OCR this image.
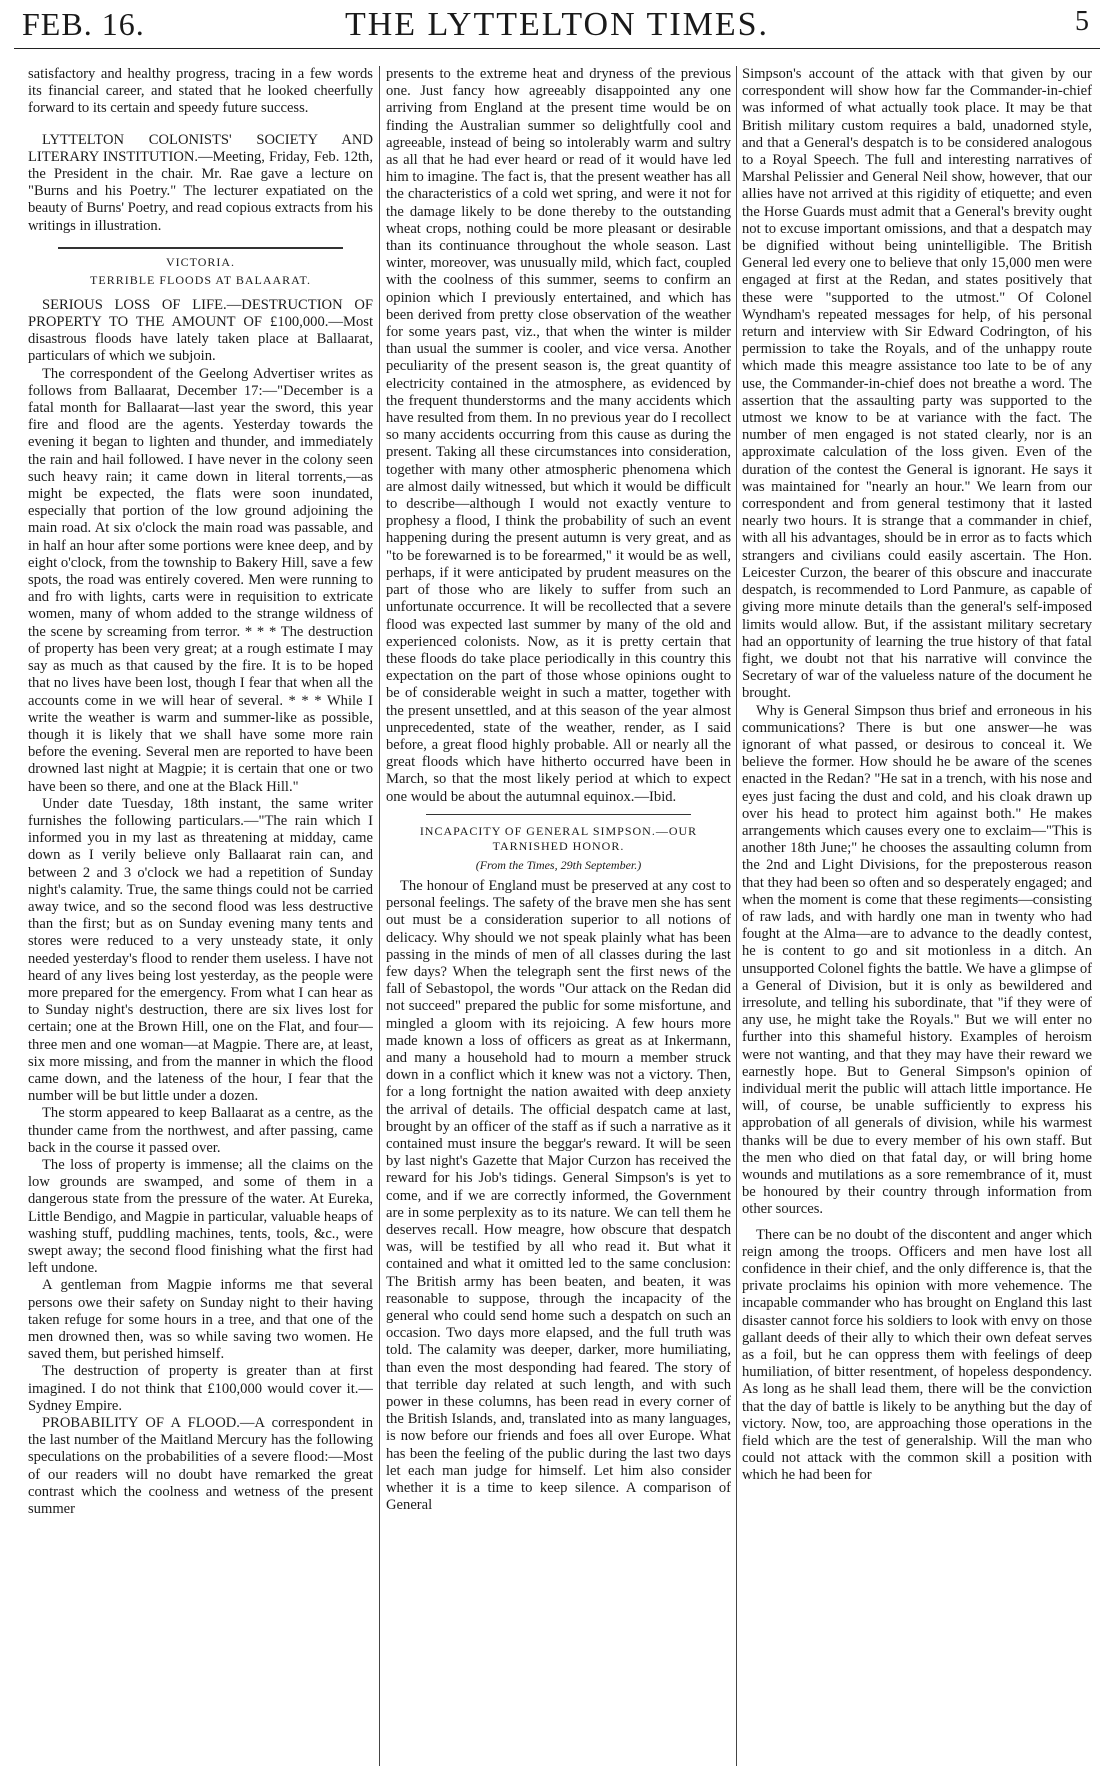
FEB. 16.	THE LYTTELTON TIMES.	5

satisfactory and healthy progress, tracing in a few words its financial career, and stated that he looked cheerfully forward to its certain and speedy future success.

LYTTELTON COLONISTS' SOCIETY AND LITERARY INSTITUTION.—Meeting, Friday, Feb. 12th, the President in the chair. Mr. Rae gave a lecture on "Burns and his Poetry." The lecturer expatiated on the beauty of Burns' Poetry, and read copious extracts from his writings in illustration.

VICTORIA.

TERRIBLE FLOODS AT BALAARAT.

SERIOUS LOSS OF LIFE.—DESTRUCTION OF PROPERTY TO THE AMOUNT OF £100,000.—Most disastrous floods have lately taken place at Ballaarat, particulars of which we subjoin.

The correspondent of the Geelong Advertiser writes as follows from Ballaarat, December 17:—"December is a fatal month for Ballaarat—last year the sword, this year fire and flood are the agents. Yesterday towards the evening it began to lighten and thunder, and immediately the rain and hail followed. I have never in the colony seen such heavy rain; it came down in literal torrents,—as might be expected, the flats were soon inundated, especially that portion of the low ground adjoining the main road. At six o'clock the main road was passable, and in half an hour after some portions were knee deep, and by eight o'clock, from the township to Bakery Hill, save a few spots, the road was entirely covered. Men were running to and fro with lights, carts were in requisition to extricate women, many of whom added to the strange wildness of the scene by screaming from terror. * * * The destruction of property has been very great; at a rough estimate I may say as much as that caused by the fire. It is to be hoped that no lives have been lost, though I fear that when all the accounts come in we will hear of several. * * * While I write the weather is warm and summer-like as possible, though it is likely that we shall have some more rain before the evening. Several men are reported to have been drowned last night at Magpie; it is certain that one or two have been so there, and one at the Black Hill."

Under date Tuesday, 18th instant, the same writer furnishes the following particulars.—"The rain which I informed you in my last as threatening at midday, came down as I verily believe only Ballaarat rain can, and between 2 and 3 o'clock we had a repetition of Sunday night's calamity. True, the same things could not be carried away twice, and so the second flood was less destructive than the first; but as on Sunday evening many tents and stores were reduced to a very unsteady state, it only needed yesterday's flood to render them useless. I have not heard of any lives being lost yesterday, as the people were more prepared for the emergency. From what I can hear as to Sunday night's destruction, there are six lives lost for certain; one at the Brown Hill, one on the Flat, and four—three men and one woman—at Magpie. There are, at least, six more missing, and from the manner in which the flood came down, and the lateness of the hour, I fear that the number will be but little under a dozen.

The storm appeared to keep Ballaarat as a centre, as the thunder came from the northwest, and after passing, came back in the course it passed over.

The loss of property is immense; all the claims on the low grounds are swamped, and some of them in a dangerous state from the pressure of the water. At Eureka, Little Bendigo, and Magpie in particular, valuable heaps of washing stuff, puddling machines, tents, tools, &c., were swept away; the second flood finishing what the first had left undone.

A gentleman from Magpie informs me that several persons owe their safety on Sunday night to their having taken refuge for some hours in a tree, and that one of the men drowned then, was so while saving two women. He saved them, but perished himself.

The destruction of property is greater than at first imagined. I do not think that £100,000 would cover it.—Sydney Empire.

PROBABILITY OF A FLOOD.—A correspondent in the last number of the Maitland Mercury has the following speculations on the probabilities of a severe flood:—Most of our readers will no doubt have remarked the great contrast which the coolness and wetness of the present summer

presents to the extreme heat and dryness of the previous one. Just fancy how agreeably disappointed any one arriving from England at the present time would be on finding the Australian summer so delightfully cool and agreeable, instead of being so intolerably warm and sultry as all that he had ever heard or read of it would have led him to imagine. The fact is, that the present weather has all the characteristics of a cold wet spring, and were it not for the damage likely to be done thereby to the outstanding wheat crops, nothing could be more pleasant or desirable than its continuance throughout the whole season. Last winter, moreover, was unusually mild, which fact, coupled with the coolness of this summer, seems to confirm an opinion which I previously entertained, and which has been derived from pretty close observation of the weather for some years past, viz., that when the winter is milder than usual the summer is cooler, and vice versa. Another peculiarity of the present season is, the great quantity of electricity contained in the atmosphere, as evidenced by the frequent thunderstorms and the many accidents which have resulted from them. In no previous year do I recollect so many accidents occurring from this cause as during the present. Taking all these circumstances into consideration, together with many other atmospheric phenomena which are almost daily witnessed, but which it would be difficult to describe—although I would not exactly venture to prophesy a flood, I think the probability of such an event happening during the present autumn is very great, and as "to be forewarned is to be forearmed," it would be as well, perhaps, if it were anticipated by prudent measures on the part of those who are likely to suffer from such an unfortunate occurrence. It will be recollected that a severe flood was expected last summer by many of the old and experienced colonists. Now, as it is pretty certain that these floods do take place periodically in this country this expectation on the part of those whose opinions ought to be of considerable weight in such a matter, together with the present unsettled, and at this season of the year almost unprecedented, state of the weather, render, as I said before, a great flood highly probable. All or nearly all the great floods which have hitherto occurred have been in March, so that the most likely period at which to expect one would be about the autumnal equinox.—Ibid.

INCAPACITY OF GENERAL SIMPSON.—OUR TARNISHED HONOR.

(From the Times, 29th September.)

The honour of England must be preserved at any cost to personal feelings. The safety of the brave men she has sent out must be a consideration superior to all notions of delicacy. Why should we not speak plainly what has been passing in the minds of men of all classes during the last few days? When the telegraph sent the first news of the fall of Sebastopol, the words "Our attack on the Redan did not succeed" prepared the public for some misfortune, and mingled a gloom with its rejoicing. A few hours more made known a loss of officers as great as at Inkermann, and many a household had to mourn a member struck down in a conflict which it knew was not a victory. Then, for a long fortnight the nation awaited with deep anxiety the arrival of details. The official despatch came at last, brought by an officer of the staff as if such a narrative as it contained must insure the beggar's reward. It will be seen by last night's Gazette that Major Curzon has received the reward for his Job's tidings. General Simpson's is yet to come, and if we are correctly informed, the Government are in some perplexity as to its nature. We can tell them he deserves recall. How meagre, how obscure that despatch was, will be testified by all who read it. But what it contained and what it omitted led to the same conclusion: The British army has been beaten, and beaten, it was reasonable to suppose, through the incapacity of the general who could send home such a despatch on such an occasion. Two days more elapsed, and the full truth was told. The calamity was deeper, darker, more humiliating, than even the most desponding had feared. The story of that terrible day related at such length, and with such power in these columns, has been read in every corner of the British Islands, and, translated into as many languages, is now before our friends and foes all over Europe. What has been the feeling of the public during the last two days let each man judge for himself. Let him also consider whether it is a time to keep silence. A comparison of General

Simpson's account of the attack with that given by our correspondent will show how far the Commander-in-chief was informed of what actually took place. It may be that British military custom requires a bald, unadorned style, and that a General's despatch is to be considered analogous to a Royal Speech. The full and interesting narratives of Marshal Pelissier and General Neil show, however, that our allies have not arrived at this rigidity of etiquette; and even the Horse Guards must admit that a General's brevity ought not to excuse important omissions, and that a despatch may be dignified without being unintelligible. The British General led every one to believe that only 15,000 men were engaged at first at the Redan, and states positively that these were "supported to the utmost." Of Colonel Wyndham's repeated messages for help, of his personal return and interview with Sir Edward Codrington, of his permission to take the Royals, and of the unhappy route which made this meagre assistance too late to be of any use, the Commander-in-chief does not breathe a word. The assertion that the assaulting party was supported to the utmost we know to be at variance with the fact. The number of men engaged is not stated clearly, nor is an approximate calculation of the loss given. Even of the duration of the contest the General is ignorant. He says it was maintained for "nearly an hour." We learn from our correspondent and from general testimony that it lasted nearly two hours. It is strange that a commander in chief, with all his advantages, should be in error as to facts which strangers and civilians could easily ascertain. The Hon. Leicester Curzon, the bearer of this obscure and inaccurate despatch, is recommended to Lord Panmure, as capable of giving more minute details than the general's self-imposed limits would allow. But, if the assistant military secretary had an opportunity of learning the true history of that fatal fight, we doubt not that his narrative will convince the Secretary of war of the valueless nature of the document he brought.

Why is General Simpson thus brief and erroneous in his communications? There is but one answer—he was ignorant of what passed, or desirous to conceal it. We believe the former. How should he be aware of the scenes enacted in the Redan? "He sat in a trench, with his nose and eyes just facing the dust and cold, and his cloak drawn up over his head to protect him against both." He makes arrangements which causes every one to exclaim—"This is another 18th June;" he chooses the assaulting column from the 2nd and Light Divisions, for the preposterous reason that they had been so often and so desperately engaged; and when the moment is come that these regiments—consisting of raw lads, and with hardly one man in twenty who had fought at the Alma—are to advance to the deadly contest, he is content to go and sit motionless in a ditch. An unsupported Colonel fights the battle. We have a glimpse of a General of Division, but it is only as bewildered and irresolute, and telling his subordinate, that "if they were of any use, he might take the Royals." But we will enter no further into this shameful history. Examples of heroism were not wanting, and that they may have their reward we earnestly hope. But to General Simpson's opinion of individual merit the public will attach little importance. He will, of course, be unable sufficiently to express his approbation of all generals of division, while his warmest thanks will be due to every member of his own staff. But the men who died on that fatal day, or will bring home wounds and mutilations as a sore remembrance of it, must be honoured by their country through information from other sources.

There can be no doubt of the discontent and anger which reign among the troops. Officers and men have lost all confidence in their chief, and the only difference is, that the private proclaims his opinion with more vehemence. The incapable commander who has brought on England this last disaster cannot force his soldiers to look with envy on those gallant deeds of their ally to which their own defeat serves as a foil, but he can oppress them with feelings of deep humiliation, of bitter resentment, of hopeless despondency. As long as he shall lead them, there will be the conviction that the day of battle is likely to be anything but the day of victory. Now, too, are approaching those operations in the field which are the test of generalship. Will the man who could not attack with the common skill a position with which he had been for
